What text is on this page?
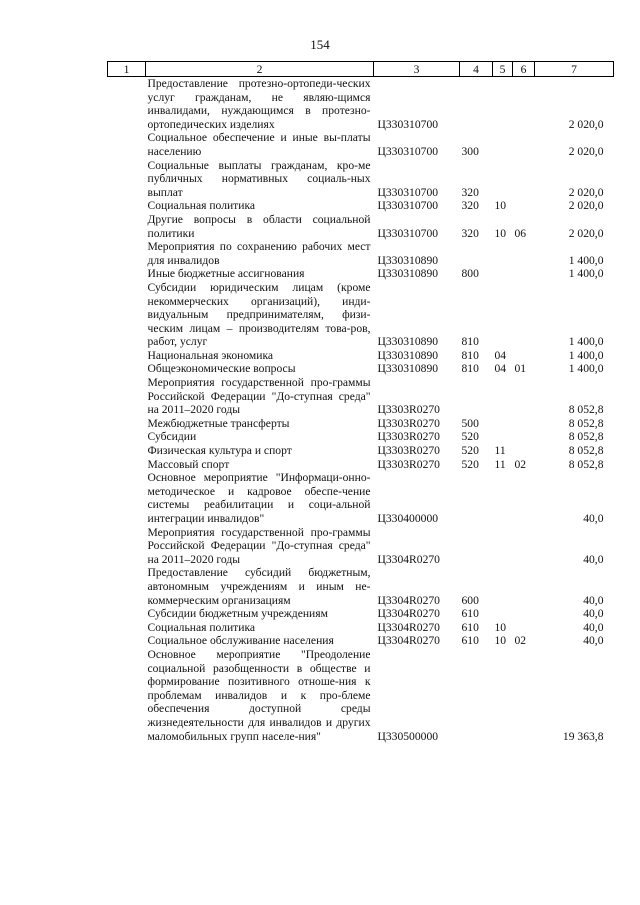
154
1	2	3	4	5	6	7
	Предоставление протезно-ортопеди-ческих услуг гражданам, не являю-щимся инвалидами, нуждающимся в протезно-ортопедических изделиях	Ц330310700				2 020,0
	Социальное обеспечение и иные вы-платы населению	Ц330310700	300			2 020,0
	Социальные выплаты гражданам, кро-ме публичных нормативных социаль-ных выплат	Ц330310700	320			2 020,0
	Социальная политика	Ц330310700	320	10		2 020,0
	Другие вопросы в области социальной политики	Ц330310700	320	10	06	2 020,0
	Мероприятия по сохранению рабочих мест для инвалидов	Ц330310890				1 400,0
	Иные бюджетные ассигнования	Ц330310890	800			1 400,0
	Субсидии юридическим лицам (кроме некоммерческих организаций), инди-видуальным предпринимателям, физи-ческим лицам – производителям това-ров, работ, услуг	Ц330310890	810			1 400,0
	Национальная экономика	Ц330310890	810	04		1 400,0
	Общеэкономические вопросы	Ц330310890	810	04	01	1 400,0
	Мероприятия государственной про-граммы Российской Федерации "До-ступная среда" на 2011–2020 годы	Ц3303R0270				8 052,8
	Межбюджетные трансферты	Ц3303R0270	500			8 052,8
	Субсидии	Ц3303R0270	520			8 052,8
	Физическая культура и спорт	Ц3303R0270	520	11		8 052,8
	Массовый спорт	Ц3303R0270	520	11	02	8 052,8
	Основное мероприятие "Информаци-онно-методическое и кадровое обеспе-чение системы реабилитации и соци-альной интеграции инвалидов"	Ц330400000				40,0
	Мероприятия государственной про-граммы Российской Федерации "До-ступная среда" на 2011–2020 годы	Ц3304R0270				40,0
	Предоставление субсидий бюджетным, автономным учреждениям и иным не-коммерческим организациям	Ц3304R0270	600			40,0
	Субсидии бюджетным учреждениям	Ц3304R0270	610			40,0
	Социальная политика	Ц3304R0270	610	10		40,0
	Социальное обслуживание населения	Ц3304R0270	610	10	02	40,0
	Основное мероприятие "Преодоление социальной разобщенности в обществе и формирование позитивного отноше-ния к проблемам инвалидов и к про-блеме обеспечения доступной среды жизнедеятельности для инвалидов и других маломобильных групп населе-ния"	Ц330500000				19 363,8
